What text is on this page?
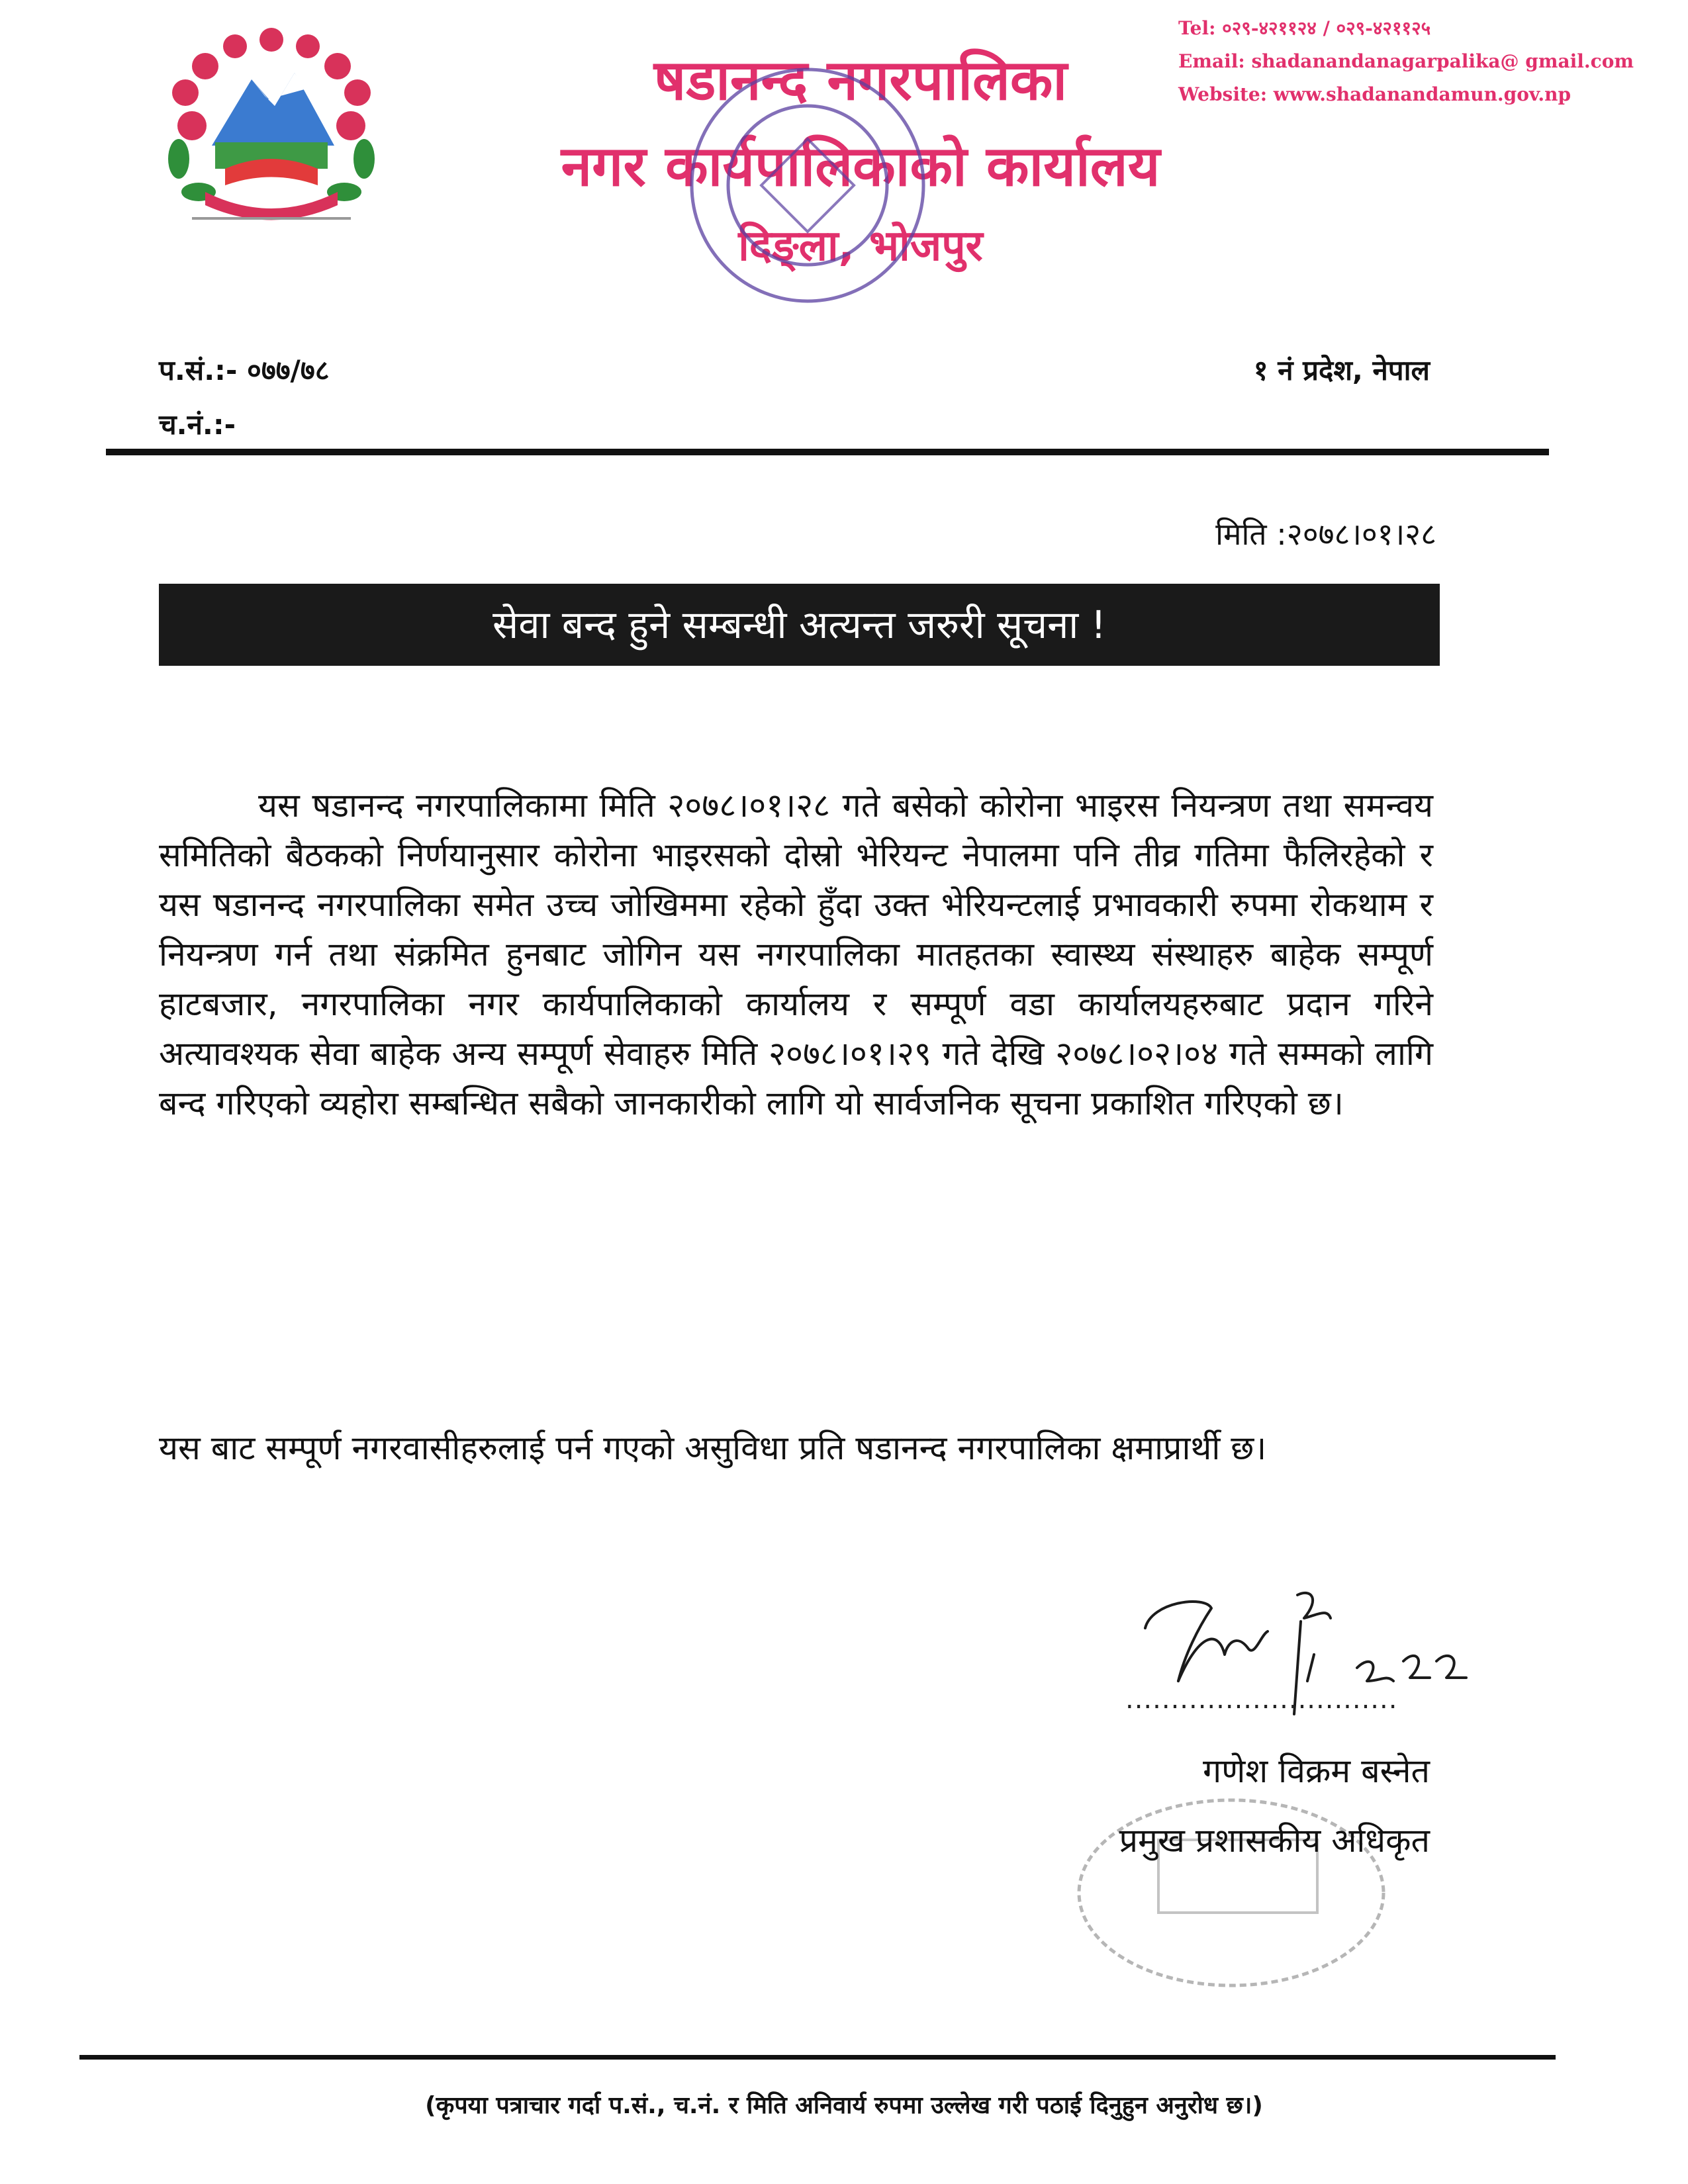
षडानन्द नगरपालिका
नगर कार्यपालिकाको कार्यालय
दिङ्ला, भोजपुर
Tel: ०२९-४२११२४ / ०२९-४२११२५
Email: shadanandanagarpalika@ gmail.com
Website: www.shadanandamun.gov.np
प.सं.:- ०७७/७८
च.नं.:-
१ नं प्रदेश, नेपाल
मिति :२०७८।०१।२८
सेवा बन्द हुने सम्बन्धी अत्यन्त जरुरी सूचना !
यस षडानन्द नगरपालिकामा मिति २०७८।०१।२८ गते बसेको कोरोना भाइरस नियन्त्रण तथा समन्वय समितिको बैठकको निर्णयानुसार कोरोना भाइरसको दोस्रो भेरियन्ट नेपालमा पनि तीव्र गतिमा फैलिरहेको र यस षडानन्द नगरपालिका समेत उच्च जोखिममा रहेको हुँदा उक्त भेरियन्टलाई प्रभावकारी रुपमा रोकथाम र नियन्त्रण गर्न तथा संक्रमित हुनबाट जोगिन यस नगरपालिका मातहतका स्वास्थ्य संस्थाहरु बाहेक सम्पूर्ण हाटबजार, नगरपालिका नगर कार्यपालिकाको कार्यालय र सम्पूर्ण वडा कार्यालयहरुबाट प्रदान गरिने अत्यावश्यक सेवा बाहेक अन्य सम्पूर्ण सेवाहरु मिति २०७८।०१।२९ गते देखि २०७८।०२।०४ गते सम्मको लागि बन्द गरिएको व्यहोरा सम्बन्धित सबैको जानकारीको लागि यो सार्वजनिक सूचना प्रकाशित गरिएको छ।
यस बाट सम्पूर्ण नगरवासीहरुलाई पर्न गएको असुविधा प्रति षडानन्द नगरपालिका क्षमाप्रार्थी छ।
..............................
गणेश विक्रम बस्नेत
प्रमुख प्रशासकीय अधिकृत
(कृपया पत्राचार गर्दा प.सं., च.नं. र मिति अनिवार्य रुपमा उल्लेख गरी पठाई दिनुहुन अनुरोध छ।)
